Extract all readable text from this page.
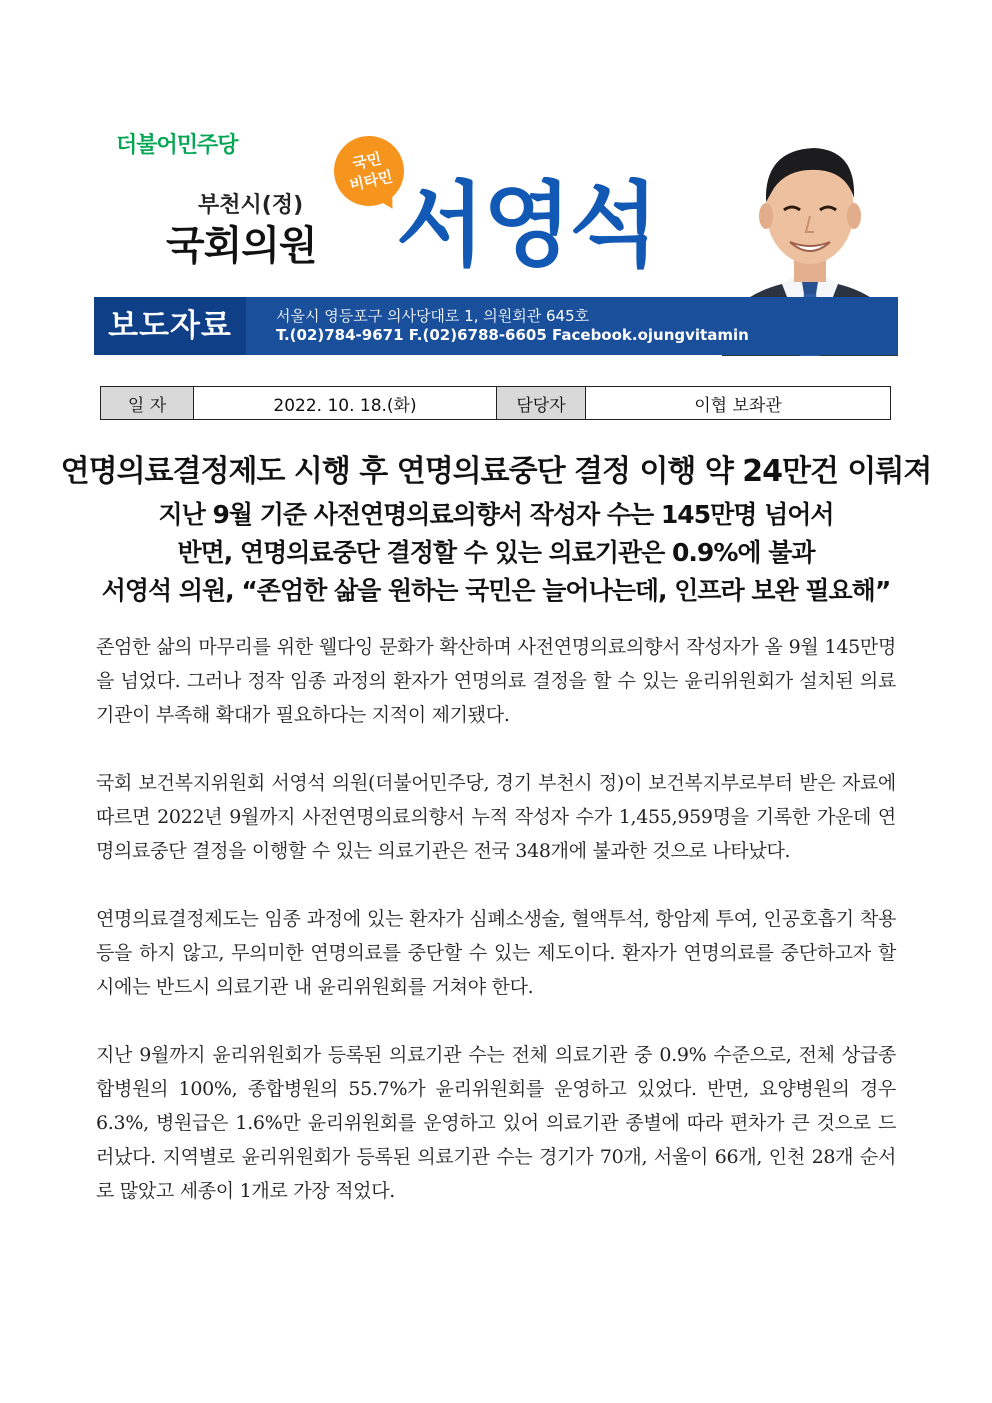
더불어민주당
부천시(정)
국회의원
국민
비타민 서영석
보도자료	서울시 영등포구 의사당대로 1, 의원회관 645호
T.(02)784-9671 F.(02)6788-6605 Facebook.ojungvitamin
일 자	2022. 10. 18.(화)	담당자	이협 보좌관
연명의료결정제도 시행 후 연명의료중단 결정 이행 약 24만건 이뤄져
지난 9월 기준 사전연명의료의향서 작성자 수는 145만명 넘어서
반면, 연명의료중단 결정할 수 있는 의료기관은 0.9%에 불과
서영석 의원, “존엄한 삶을 원하는 국민은 늘어나는데, 인프라 보완 필요해”

존엄한 삶의 마무리를 위한 웰다잉 문화가 확산하며 사전연명의료의향서 작성자가 올 9월 145만명을 넘었다. 그러나 정작 임종 과정의 환자가 연명의료 결정을 할 수 있는 윤리위원회가 설치된 의료기관이 부족해 확대가 필요하다는 지적이 제기됐다.

국회 보건복지위원회 서영석 의원(더불어민주당, 경기 부천시 정)이 보건복지부로부터 받은 자료에 따르면 2022년 9월까지 사전연명의료의향서 누적 작성자 수가 1,455,959명을 기록한 가운데 연명의료중단 결정을 이행할 수 있는 의료기관은 전국 348개에 불과한 것으로 나타났다.

연명의료결정제도는 임종 과정에 있는 환자가 심폐소생술, 혈액투석, 항암제 투여, 인공호흡기 착용 등을 하지 않고, 무의미한 연명의료를 중단할 수 있는 제도이다. 환자가 연명의료를 중단하고자 할 시에는 반드시 의료기관 내 윤리위원회를 거쳐야 한다.

지난 9월까지 윤리위원회가 등록된 의료기관 수는 전체 의료기관 중 0.9% 수준으로, 전체 상급종합병원의 100%, 종합병원의 55.7%가 윤리위원회를 운영하고 있었다. 반면, 요양병원의 경우 6.3%, 병원급은 1.6%만 윤리위원회를 운영하고 있어 의료기관 종별에 따라 편차가 큰 것으로 드러났다. 지역별로 윤리위원회가 등록된 의료기관 수는 경기가 70개, 서울이 66개, 인천 28개 순서로 많았고 세종이 1개로 가장 적었다.
